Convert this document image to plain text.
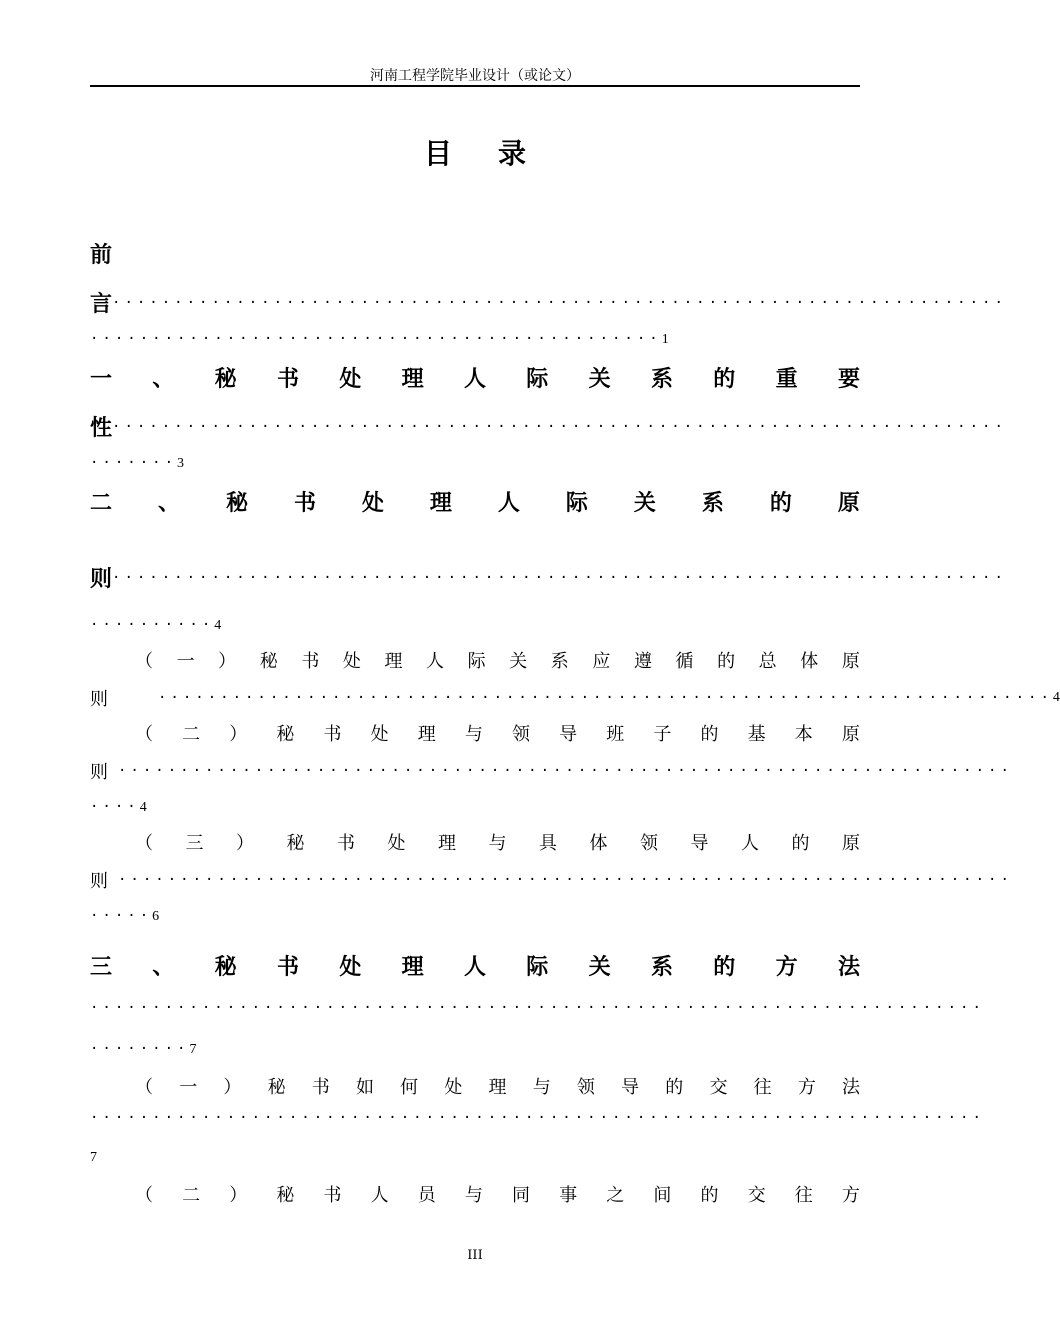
河南工程学院毕业设计（或论文）
目录
前
言 ········································································
··············································1
一 、 秘 书 处 理 人 际 关 系 的 重 要
性 ········································································
·······3
二 、 秘 书 处 理 人 际 关 系 的 原
则 ········································································
··········4
（ 一 ） 秘 书 处 理 人 际 关 系 应 遵 循 的 总 体 原
则	········································································ 4
（ 二 ） 秘 书 处 理 与 领 导 班 子 的 基 本 原
则 ········································································
····4
（ 三 ） 秘 书 处 理 与 具 体 领 导 人 的 原
则 ········································································
·····6
三 、 秘 书 处 理 人 际 关 系 的 方 法
········································································
········7
（ 一 ） 秘 书 如 何 处 理 与 领 导 的 交 往 方 法
········································································
7
（ 二 ） 秘 书 人 员 与 同 事 之 间 的 交 往 方
III
